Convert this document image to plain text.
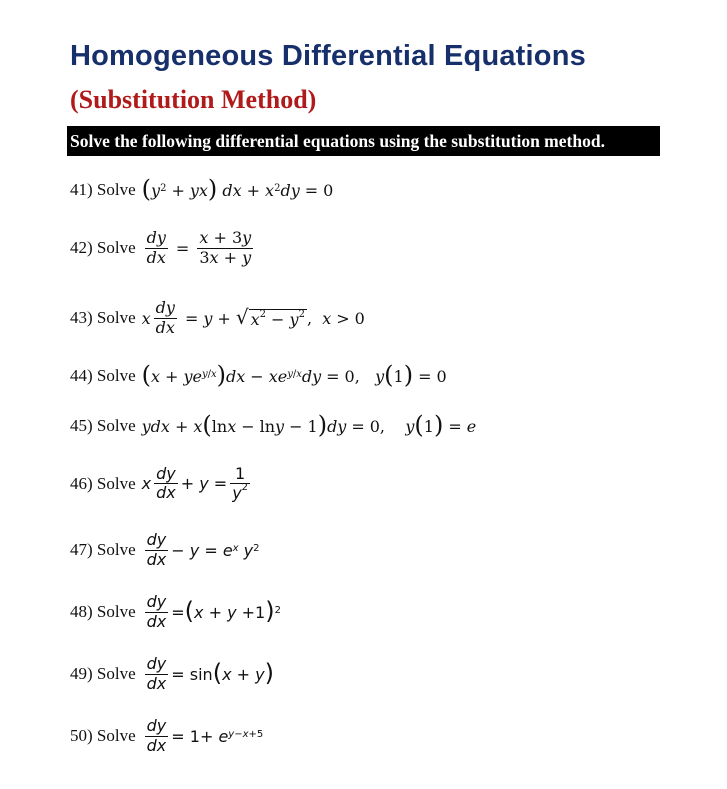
Homogeneous Differential Equations
(Substitution Method)
Solve the following differential equations using the substitution method.
41) Solve ( y 2 + yx )
dx + x 2 dy = 0
42) Solve $\frac{dy}{dx} = \frac{x + 3y}{3x + y}$
43) Solve x $\frac{dy}{dx} = y$ + √ $x^2 - y^2$ , x > 0
44) Solve ( x + ye y/x ) dx − xe y/x dy = 0, y ( 1 ) = 0
45) Solve ydx + x ( ln x − ln y − 1 ) dy = 0, y ( 1 ) = e
46) Solve x $\frac{dy}{dx} + y = \frac{1}{y^2}$
47) Solve $\frac{dy}{dx} - y = e$ x
y 2
48) Solve $\frac{dy}{dx}$ = ( x + y +1 ) 2
49) Solve $\frac{dy}{dx} = \sin$ ( x + y )
50) Solve $\frac{dy}{dx} = 1+ e$ y−x+5
